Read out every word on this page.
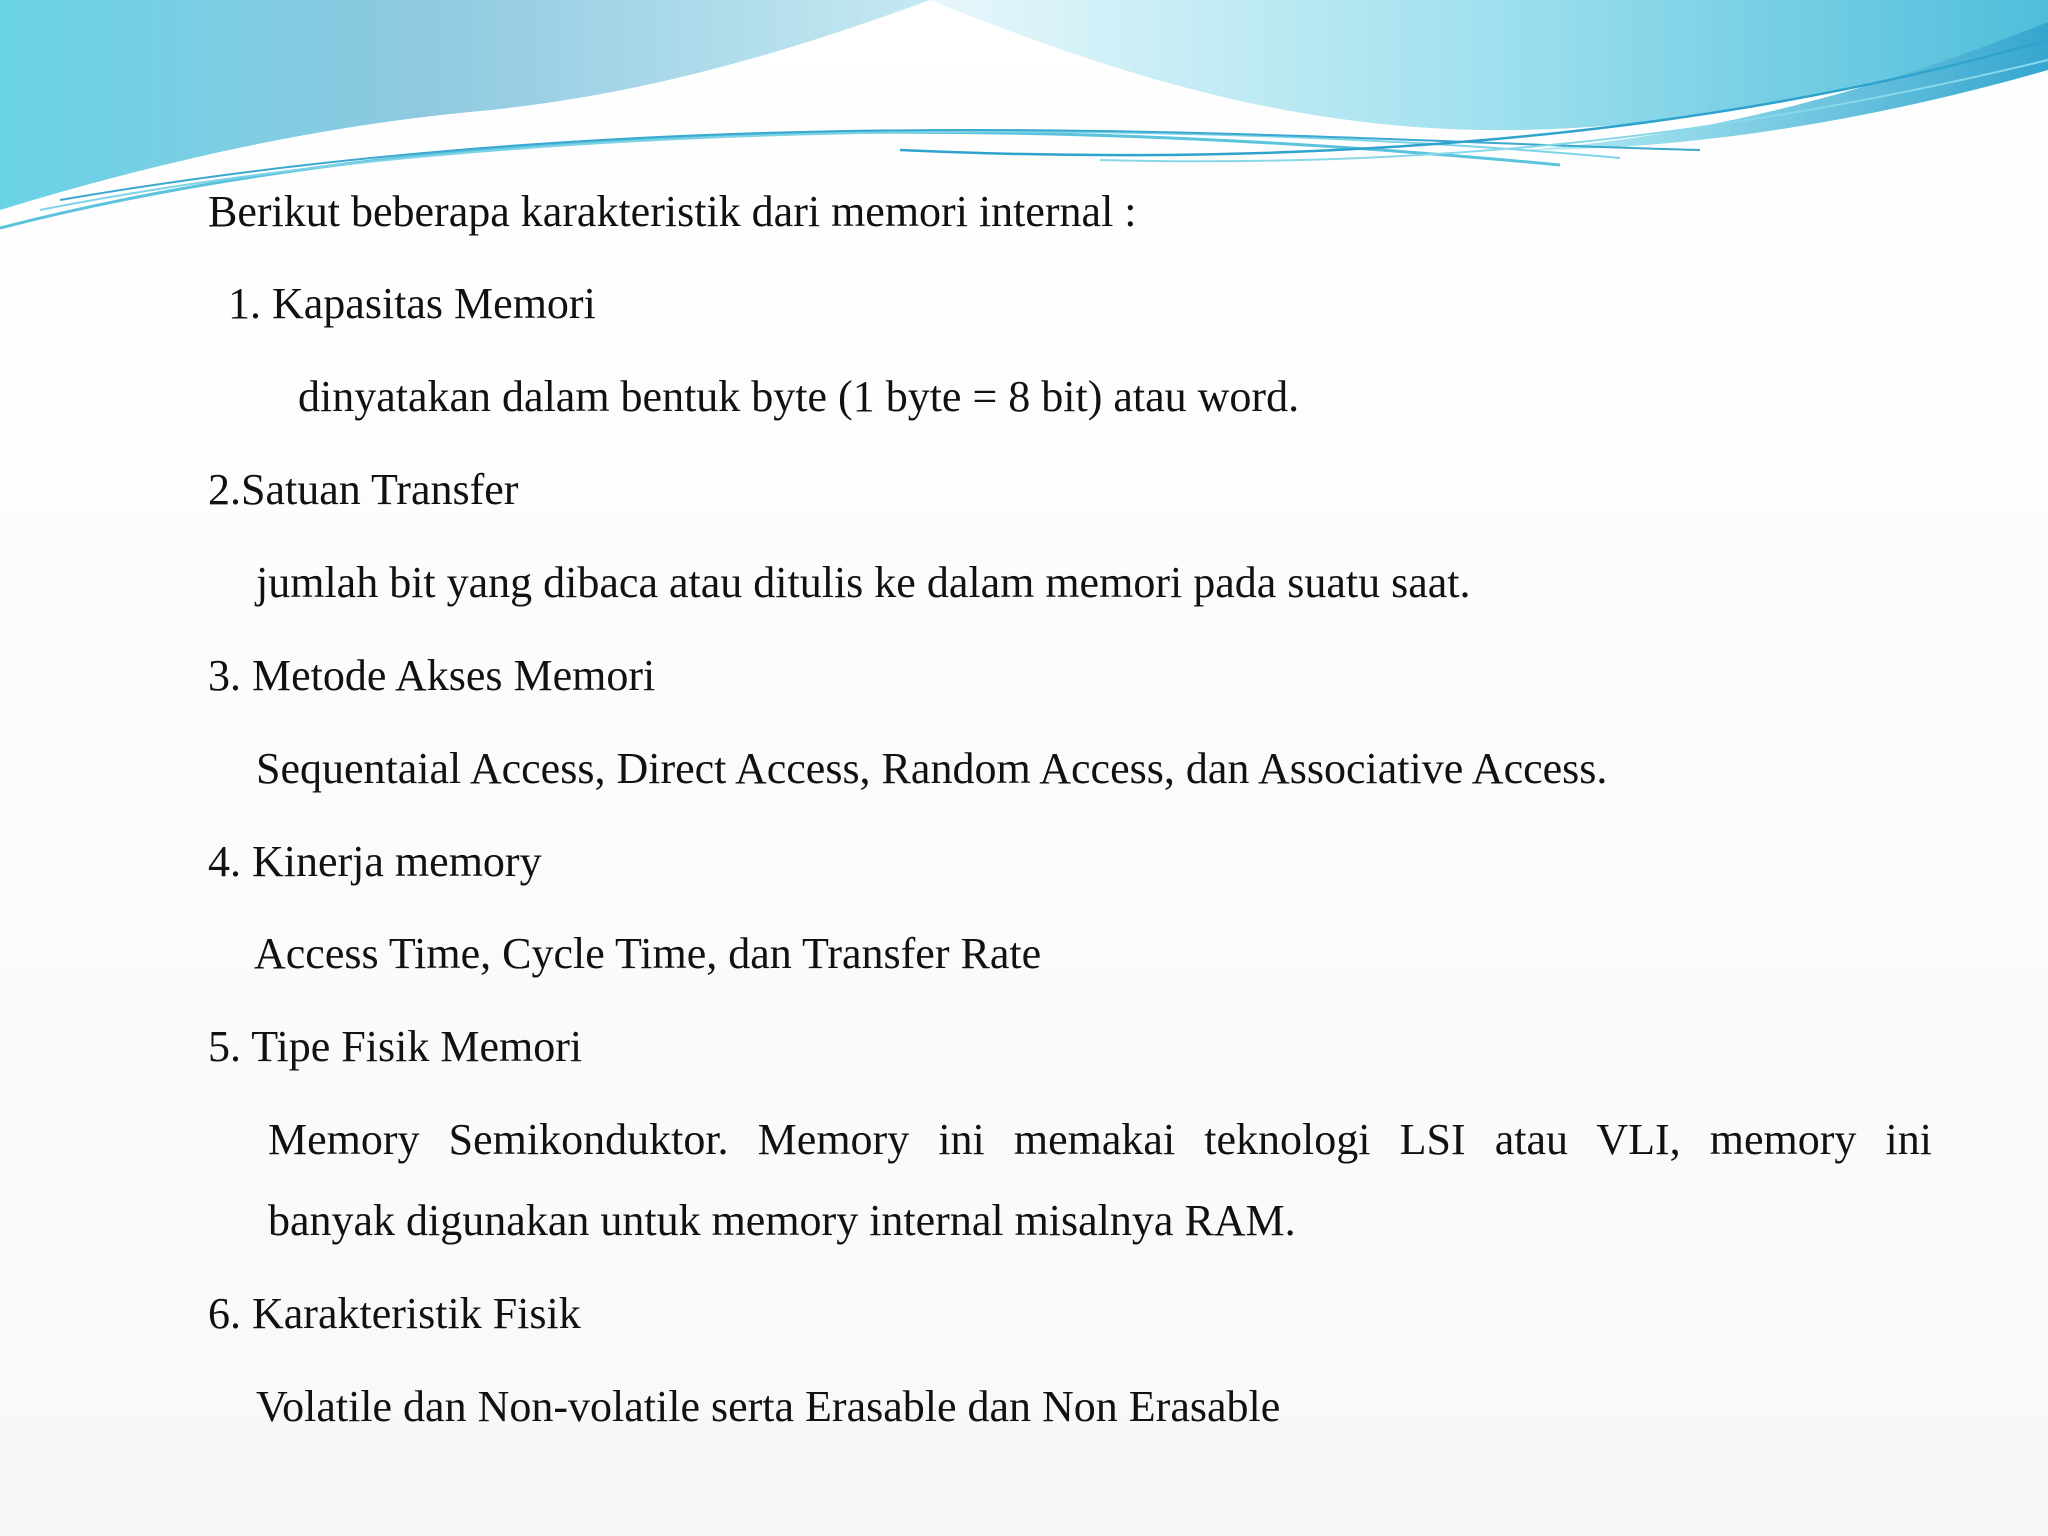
Berikut beberapa karakteristik dari memori internal :

1. Kapasitas Memori

dinyatakan dalam bentuk byte (1 byte = 8 bit) atau word.

2.Satuan Transfer

jumlah bit yang dibaca atau ditulis ke dalam memori pada suatu saat.

3. Metode Akses Memori

Sequentaial Access, Direct Access, Random Access, dan Associative Access.

4. Kinerja memory

Access Time, Cycle Time, dan Transfer Rate

5. Tipe Fisik Memori

Memory Semikonduktor. Memory ini memakai teknologi LSI atau VLI, memory ini

banyak digunakan untuk memory internal misalnya RAM.

6. Karakteristik Fisik

Volatile dan Non-volatile serta Erasable dan Non Erasable
